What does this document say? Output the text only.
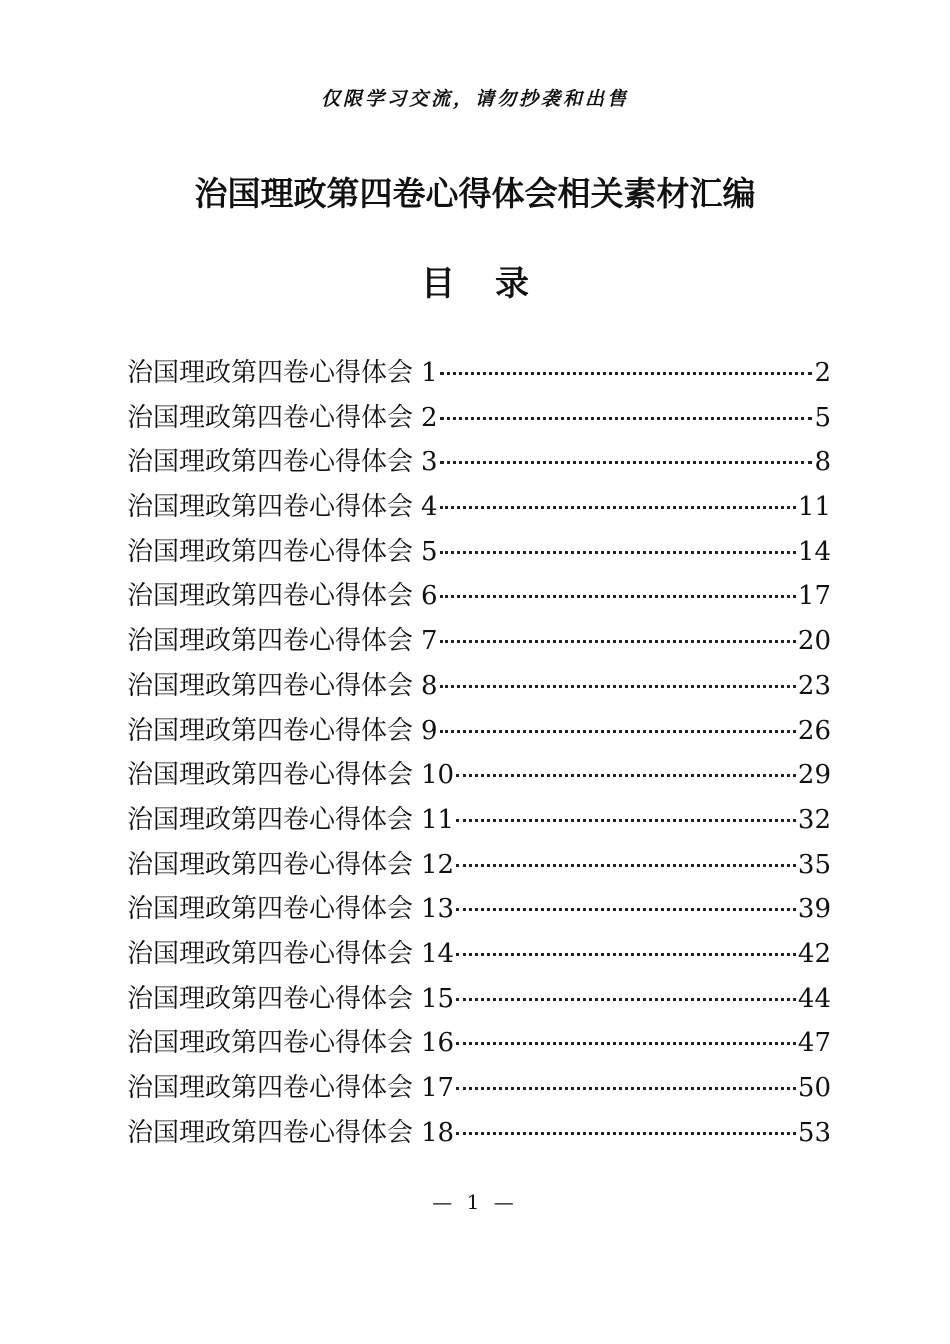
仅限学习交流，请勿抄袭和出售
治国理政第四卷心得体会相关素材汇编
目 录
治国理政第四卷心得体会 1	2
治国理政第四卷心得体会 2	5
治国理政第四卷心得体会 3	8
治国理政第四卷心得体会 4	11
治国理政第四卷心得体会 5	14
治国理政第四卷心得体会 6	17
治国理政第四卷心得体会 7	20
治国理政第四卷心得体会 8	23
治国理政第四卷心得体会 9	26
治国理政第四卷心得体会 10	29
治国理政第四卷心得体会 11	32
治国理政第四卷心得体会 12	35
治国理政第四卷心得体会 13	39
治国理政第四卷心得体会 14	42
治国理政第四卷心得体会 15	44
治国理政第四卷心得体会 16	47
治国理政第四卷心得体会 17	50
治国理政第四卷心得体会 18	53
— 1 —
